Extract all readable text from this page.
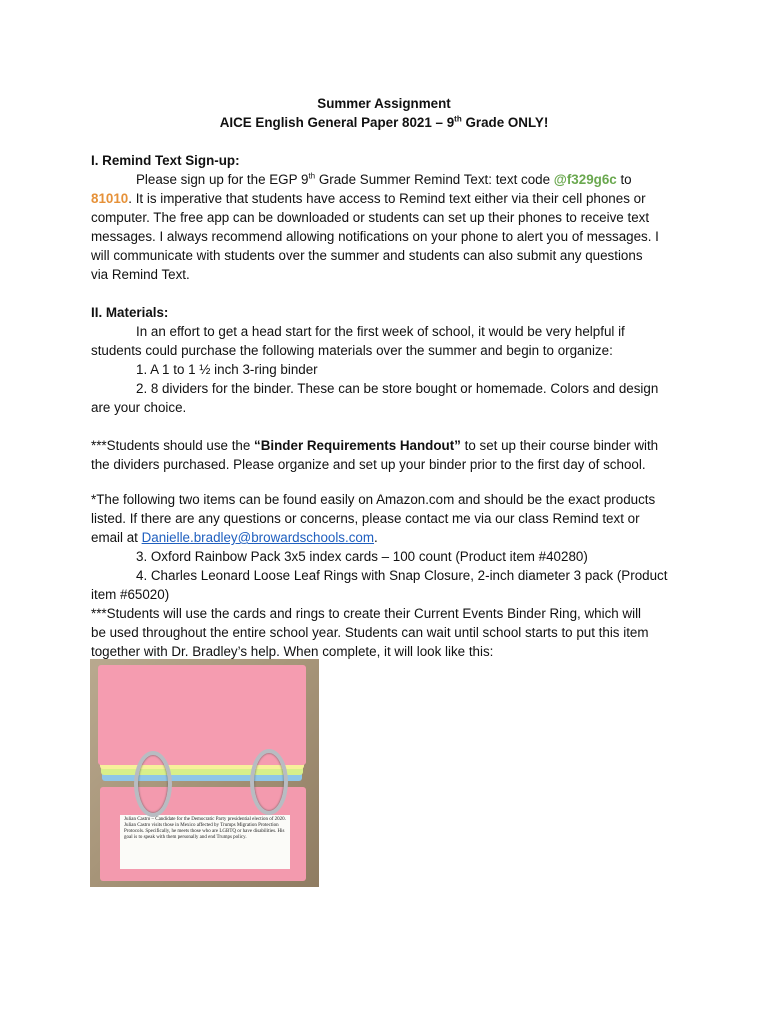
Summer Assignment
AICE English General Paper 8021 – 9th Grade ONLY!
I. Remind Text Sign-up:
Please sign up for the EGP 9th Grade Summer Remind Text: text code @f329g6c to
81010. It is imperative that students have access to Remind text either via their cell phones or
computer. The free app can be downloaded or students can set up their phones to receive text
messages. I always recommend allowing notifications on your phone to alert you of messages. I
will communicate with students over the summer and students can also submit any questions
via Remind Text.
II. Materials:
In an effort to get a head start for the first week of school, it would be very helpful if
students could purchase the following materials over the summer and begin to organize:
1. A 1 to 1 ½ inch 3-ring binder
2. 8 dividers for the binder. These can be store bought or homemade. Colors and design
are your choice.
***Students should use the “Binder Requirements Handout” to set up their course binder with
the dividers purchased. Please organize and set up your binder prior to the first day of school.
*The following two items can be found easily on Amazon.com and should be the exact products
listed. If there are any questions or concerns, please contact me via our class Remind text or
email at Danielle.bradley@browardschools.com.
3. Oxford Rainbow Pack 3x5 index cards – 100 count (Product item #40280)
4. Charles Leonard Loose Leaf Rings with Snap Closure, 2-inch diameter 3 pack (Product
item #65020)
***Students will use the cards and rings to create their Current Events Binder Ring, which will
be used throughout the entire school year. Students can wait until school starts to put this item
together with Dr. Bradley’s help. When complete, it will look like this:
Julian Castro – Candidate for the Democratic Party presidential election of 2020. Julian Castro visits those in Mexico affected by Trumps Migration Protection Protocols. Specifically, he meets those who are LGBTQ or have disabilities. His goal is to speak with them personally and end Trumps policy.
